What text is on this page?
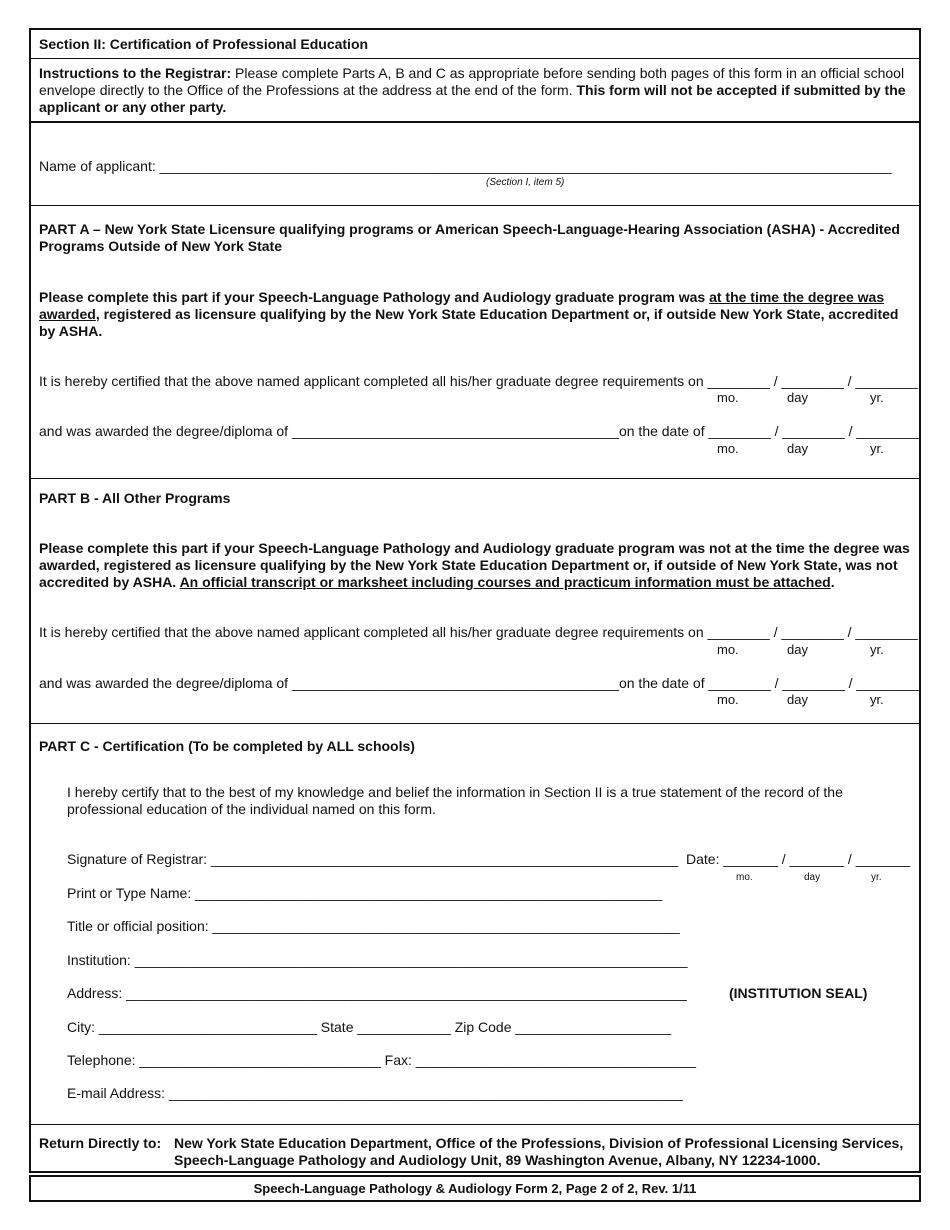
Section II: Certification of Professional Education
Instructions to the Registrar: Please complete Parts A, B and C as appropriate before sending both pages of this form in an official school envelope directly to the Office of the Professions at the address at the end of the form. This form will not be accepted if submitted by the applicant or any other party.
Name of applicant: ______________________________________________________________________________________________
(Section I, item 5)
PART A – New York State Licensure qualifying programs or American Speech-Language-Hearing Association (ASHA) - Accredited Programs Outside of New York State
Please complete this part if your Speech-Language Pathology and Audiology graduate program was at the time the degree was awarded, registered as licensure qualifying by the New York State Education Department or, if outside New York State, accredited by ASHA.
It is hereby certified that the above named applicant completed all his/her graduate degree requirements on ________ / ________ / ________
mo.	day	yr.
and was awarded the degree/diploma of __________________________________________on the date of ________ / ________ / ________
mo.	day	yr.
PART B - All Other Programs
Please complete this part if your Speech-Language Pathology and Audiology graduate program was not at the time the degree was awarded, registered as licensure qualifying by the New York State Education Department or, if outside of New York State, was not accredited by ASHA. An official transcript or marksheet including courses and practicum information must be attached.
It is hereby certified that the above named applicant completed all his/her graduate degree requirements on ________ / ________ / ________
mo.	day	yr.
and was awarded the degree/diploma of __________________________________________on the date of ________ / ________ / ________
mo.	day	yr.
PART C - Certification (To be completed by ALL schools)
I hereby certify that to the best of my knowledge and belief the information in Section II is a true statement of the record of the professional education of the individual named on this form.
Signature of Registrar: ____________________________________________________________ Date: _______ / _______ / _______
mo.	day	yr.
Print or Type Name: ____________________________________________________________
Title or official position: ____________________________________________________________
Institution: _______________________________________________________________________
Address: ________________________________________________________________________	(INSTITUTION SEAL)
City: ____________________________ State ____________ Zip Code ____________________
Telephone: _______________________________ Fax: ____________________________________
E-mail Address: __________________________________________________________________
Return Directly to: New York State Education Department, Office of the Professions, Division of Professional Licensing Services,
Speech-Language Pathology and Audiology Unit, 89 Washington Avenue, Albany, NY 12234-1000.
Speech-Language Pathology & Audiology Form 2, Page 2 of 2, Rev. 1/11
